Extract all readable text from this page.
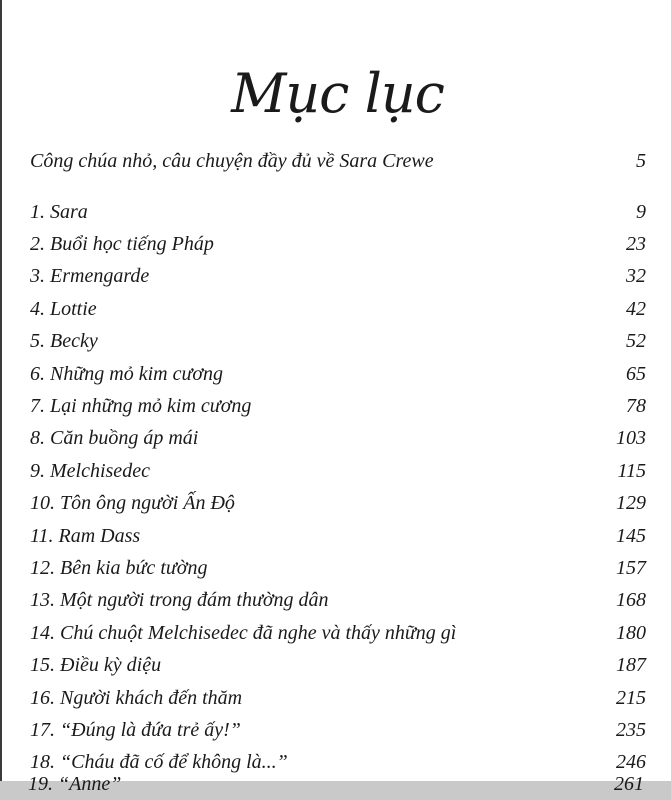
Mục lục
Công chúa nhỏ, câu chuyện đầy đủ về Sara Crewe	5
1. Sara	9
2. Buổi học tiếng Pháp	23
3. Ermengarde	32
4. Lottie	42
5. Becky	52
6. Những mỏ kim cương	65
7. Lại những mỏ kim cương	78
8. Căn buồng áp mái	103
9. Melchisedec	115
10. Tôn ông người Ấn Độ	129
11. Ram Dass	145
12. Bên kia bức tường	157
13. Một người trong đám thường dân	168
14. Chú chuột Melchisedec đã nghe và thấy những gì	180
15. Điều kỳ diệu	187
16. Người khách đến thăm	215
17. “Đúng là đứa trẻ ấy!”	235
18. “Cháu đã cố để không là...”	246
19. “Anne”	261
